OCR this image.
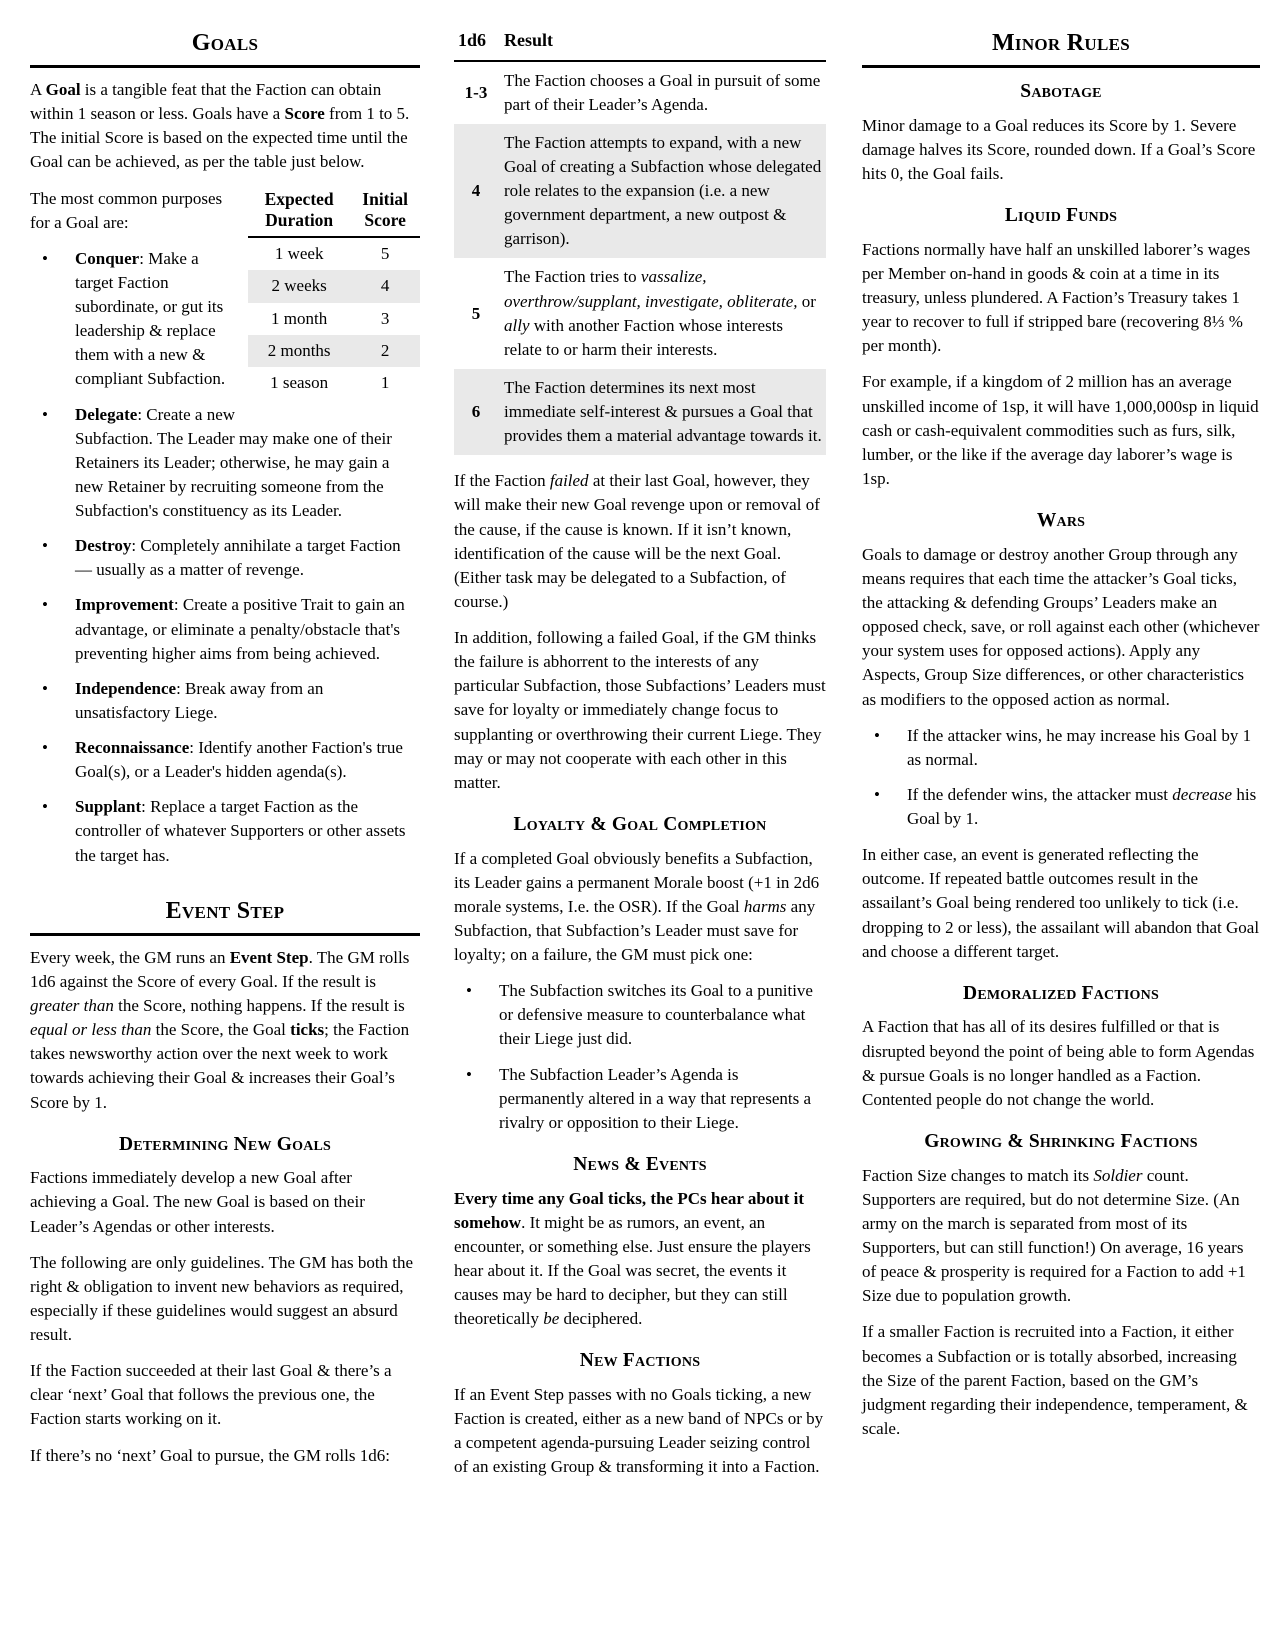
Goals

A Goal is a tangible feat that the Faction can obtain within 1 season or less. Goals have a Score from 1 to 5. The initial Score is based on the expected time until the Goal can be achieved, as per the table just below.

Expected Duration	Initial Score
1 week	5
2 weeks	4
1 month	3
2 months	2
1 season	1

The most common purposes for a Goal are:

• Conquer: Make a target Faction subordinate, or gut its leadership & replace them with a new & compliant Subfaction.
• Delegate: Create a new Subfaction. The Leader may make one of their Retainers its Leader; otherwise, he may gain a new Retainer by recruiting someone from the Subfaction's constituency as its Leader.
• Destroy: Completely annihilate a target Faction — usually as a matter of revenge.
• Improvement: Create a positive Trait to gain an advantage, or eliminate a penalty/obstacle that's preventing higher aims from being achieved.
• Independence: Break away from an unsatisfactory Liege.
• Reconnaissance: Identify another Faction's true Goal(s), or a Leader's hidden agenda(s).
• Supplant: Replace a target Faction as the controller of whatever Supporters or other assets the target has.
Event Step

Every week, the GM runs an Event Step. The GM rolls 1d6 against the Score of every Goal. If the result is greater than the Score, nothing happens. If the result is equal or less than the Score, the Goal ticks; the Faction takes newsworthy action over the next week to work towards achieving their Goal & increases their Goal’s Score by 1.

Determining New Goals

Factions immediately develop a new Goal after achieving a Goal. The new Goal is based on their Leader’s Agendas or other interests.

The following are only guidelines. The GM has both the right & obligation to invent new behaviors as required, especially if these guidelines would suggest an absurd result.

If the Faction succeeded at their last Goal & there’s a clear ‘next’ Goal that follows the previous one, the Faction starts working on it.

If there’s no ‘next’ Goal to pursue, the GM rolls 1d6:

1d6	Result
1-3	The Faction chooses a Goal in pursuit of some part of their Leader’s Agenda.
4	The Faction attempts to expand, with a new Goal of creating a Subfaction whose delegated role relates to the expansion (i.e. a new government department, a new outpost & garrison).
5	The Faction tries to vassalize, overthrow/supplant, investigate, obliterate, or ally with another Faction whose interests relate to or harm their interests.
6	The Faction determines its next most immediate self-interest & pursues a Goal that provides them a material advantage towards it.

If the Faction failed at their last Goal, however, they will make their new Goal revenge upon or removal of the cause, if the cause is known. If it isn’t known, identification of the cause will be the next Goal. (Either task may be delegated to a Subfaction, of course.)

In addition, following a failed Goal, if the GM thinks the failure is abhorrent to the interests of any particular Subfaction, those Subfactions’ Leaders must save for loyalty or immediately change focus to supplanting or overthrowing their current Liege. They may or may not cooperate with each other in this matter.

Loyalty & Goal Completion

If a completed Goal obviously benefits a Subfaction, its Leader gains a permanent Morale boost (+1 in 2d6 morale systems, I.e. the OSR). If the Goal harms any Subfaction, that Subfaction’s Leader must save for loyalty; on a failure, the GM must pick one:

• The Subfaction switches its Goal to a punitive or defensive measure to counterbalance what their Liege just did.
• The Subfaction Leader’s Agenda is permanently altered in a way that represents a rivalry or opposition to their Liege.
News & Events

Every time any Goal ticks, the PCs hear about it somehow. It might be as rumors, an event, an encounter, or something else. Just ensure the players hear about it. If the Goal was secret, the events it causes may be hard to decipher, but they can still theoretically be deciphered.

New Factions

If an Event Step passes with no Goals ticking, a new Faction is created, either as a new band of NPCs or by a competent agenda-pursuing Leader seizing control of an existing Group & transforming it into a Faction.

Minor Rules
Sabotage

Minor damage to a Goal reduces its Score by 1. Severe damage halves its Score, rounded down. If a Goal’s Score hits 0, the Goal fails.

Liquid Funds

Factions normally have half an unskilled laborer’s wages per Member on-hand in goods & coin at a time in its treasury, unless plundered. A Faction’s Treasury takes 1 year to recover to full if stripped bare (recovering 8⅓ % per month).

For example, if a kingdom of 2 million has an average unskilled income of 1sp, it will have 1,000,000sp in liquid cash or cash-equivalent commodities such as furs, silk, lumber, or the like if the average day laborer’s wage is 1sp.

Wars

Goals to damage or destroy another Group through any means requires that each time the attacker’s Goal ticks, the attacking & defending Groups’ Leaders make an opposed check, save, or roll against each other (whichever your system uses for opposed actions). Apply any Aspects, Group Size differences, or other characteristics as modifiers to the opposed action as normal.

• If the attacker wins, he may increase his Goal by 1 as normal.
• If the defender wins, the attacker must decrease his Goal by 1.

In either case, an event is generated reflecting the outcome. If repeated battle outcomes result in the assailant’s Goal being rendered too unlikely to tick (i.e. dropping to 2 or less), the assailant will abandon that Goal and choose a different target.

Demoralized Factions

A Faction that has all of its desires fulfilled or that is disrupted beyond the point of being able to form Agendas & pursue Goals is no longer handled as a Faction. Contented people do not change the world.

Growing & Shrinking Factions

Faction Size changes to match its Soldier count. Supporters are required, but do not determine Size. (An army on the march is separated from most of its Supporters, but can still function!) On average, 16 years of peace & prosperity is required for a Faction to add +1 Size due to population growth.

If a smaller Faction is recruited into a Faction, it either becomes a Subfaction or is totally absorbed, increasing the Size of the parent Faction, based on the GM’s judgment regarding their independence, temperament, & scale.
